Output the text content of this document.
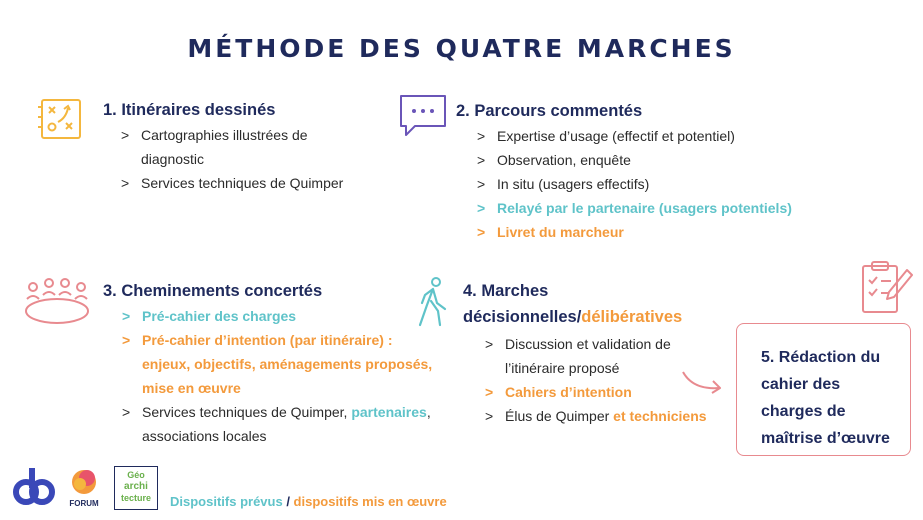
MÉTHODE DES QUATRE MARCHES
1. Itinéraires dessinés
> Cartographies illustrées de diagnostic
> Services techniques de Quimper
2. Parcours commentés
> Expertise d’usage (effectif et potentiel)
> Observation, enquête
> In situ (usagers effectifs)
> Relayé par le partenaire (usagers potentiels)
> Livret du marcheur
3. Cheminements concertés
> Pré-cahier des charges
> Pré-cahier d’intention (par itinéraire) : enjeux, objectifs, aménagements proposés, mise en œuvre
> Services techniques de Quimper, partenaires, associations locales
4. Marches
décisionnelles/délibératives
> Discussion et validation de l’itinéraire proposé
> Cahiers d’intention
> Élus de Quimper et techniciens
5. Rédaction du cahier des charges de maîtrise d’œuvre
FORUM
Géo
archi
tecture	Dispositifs prévus / dispositifs mis en œuvre
